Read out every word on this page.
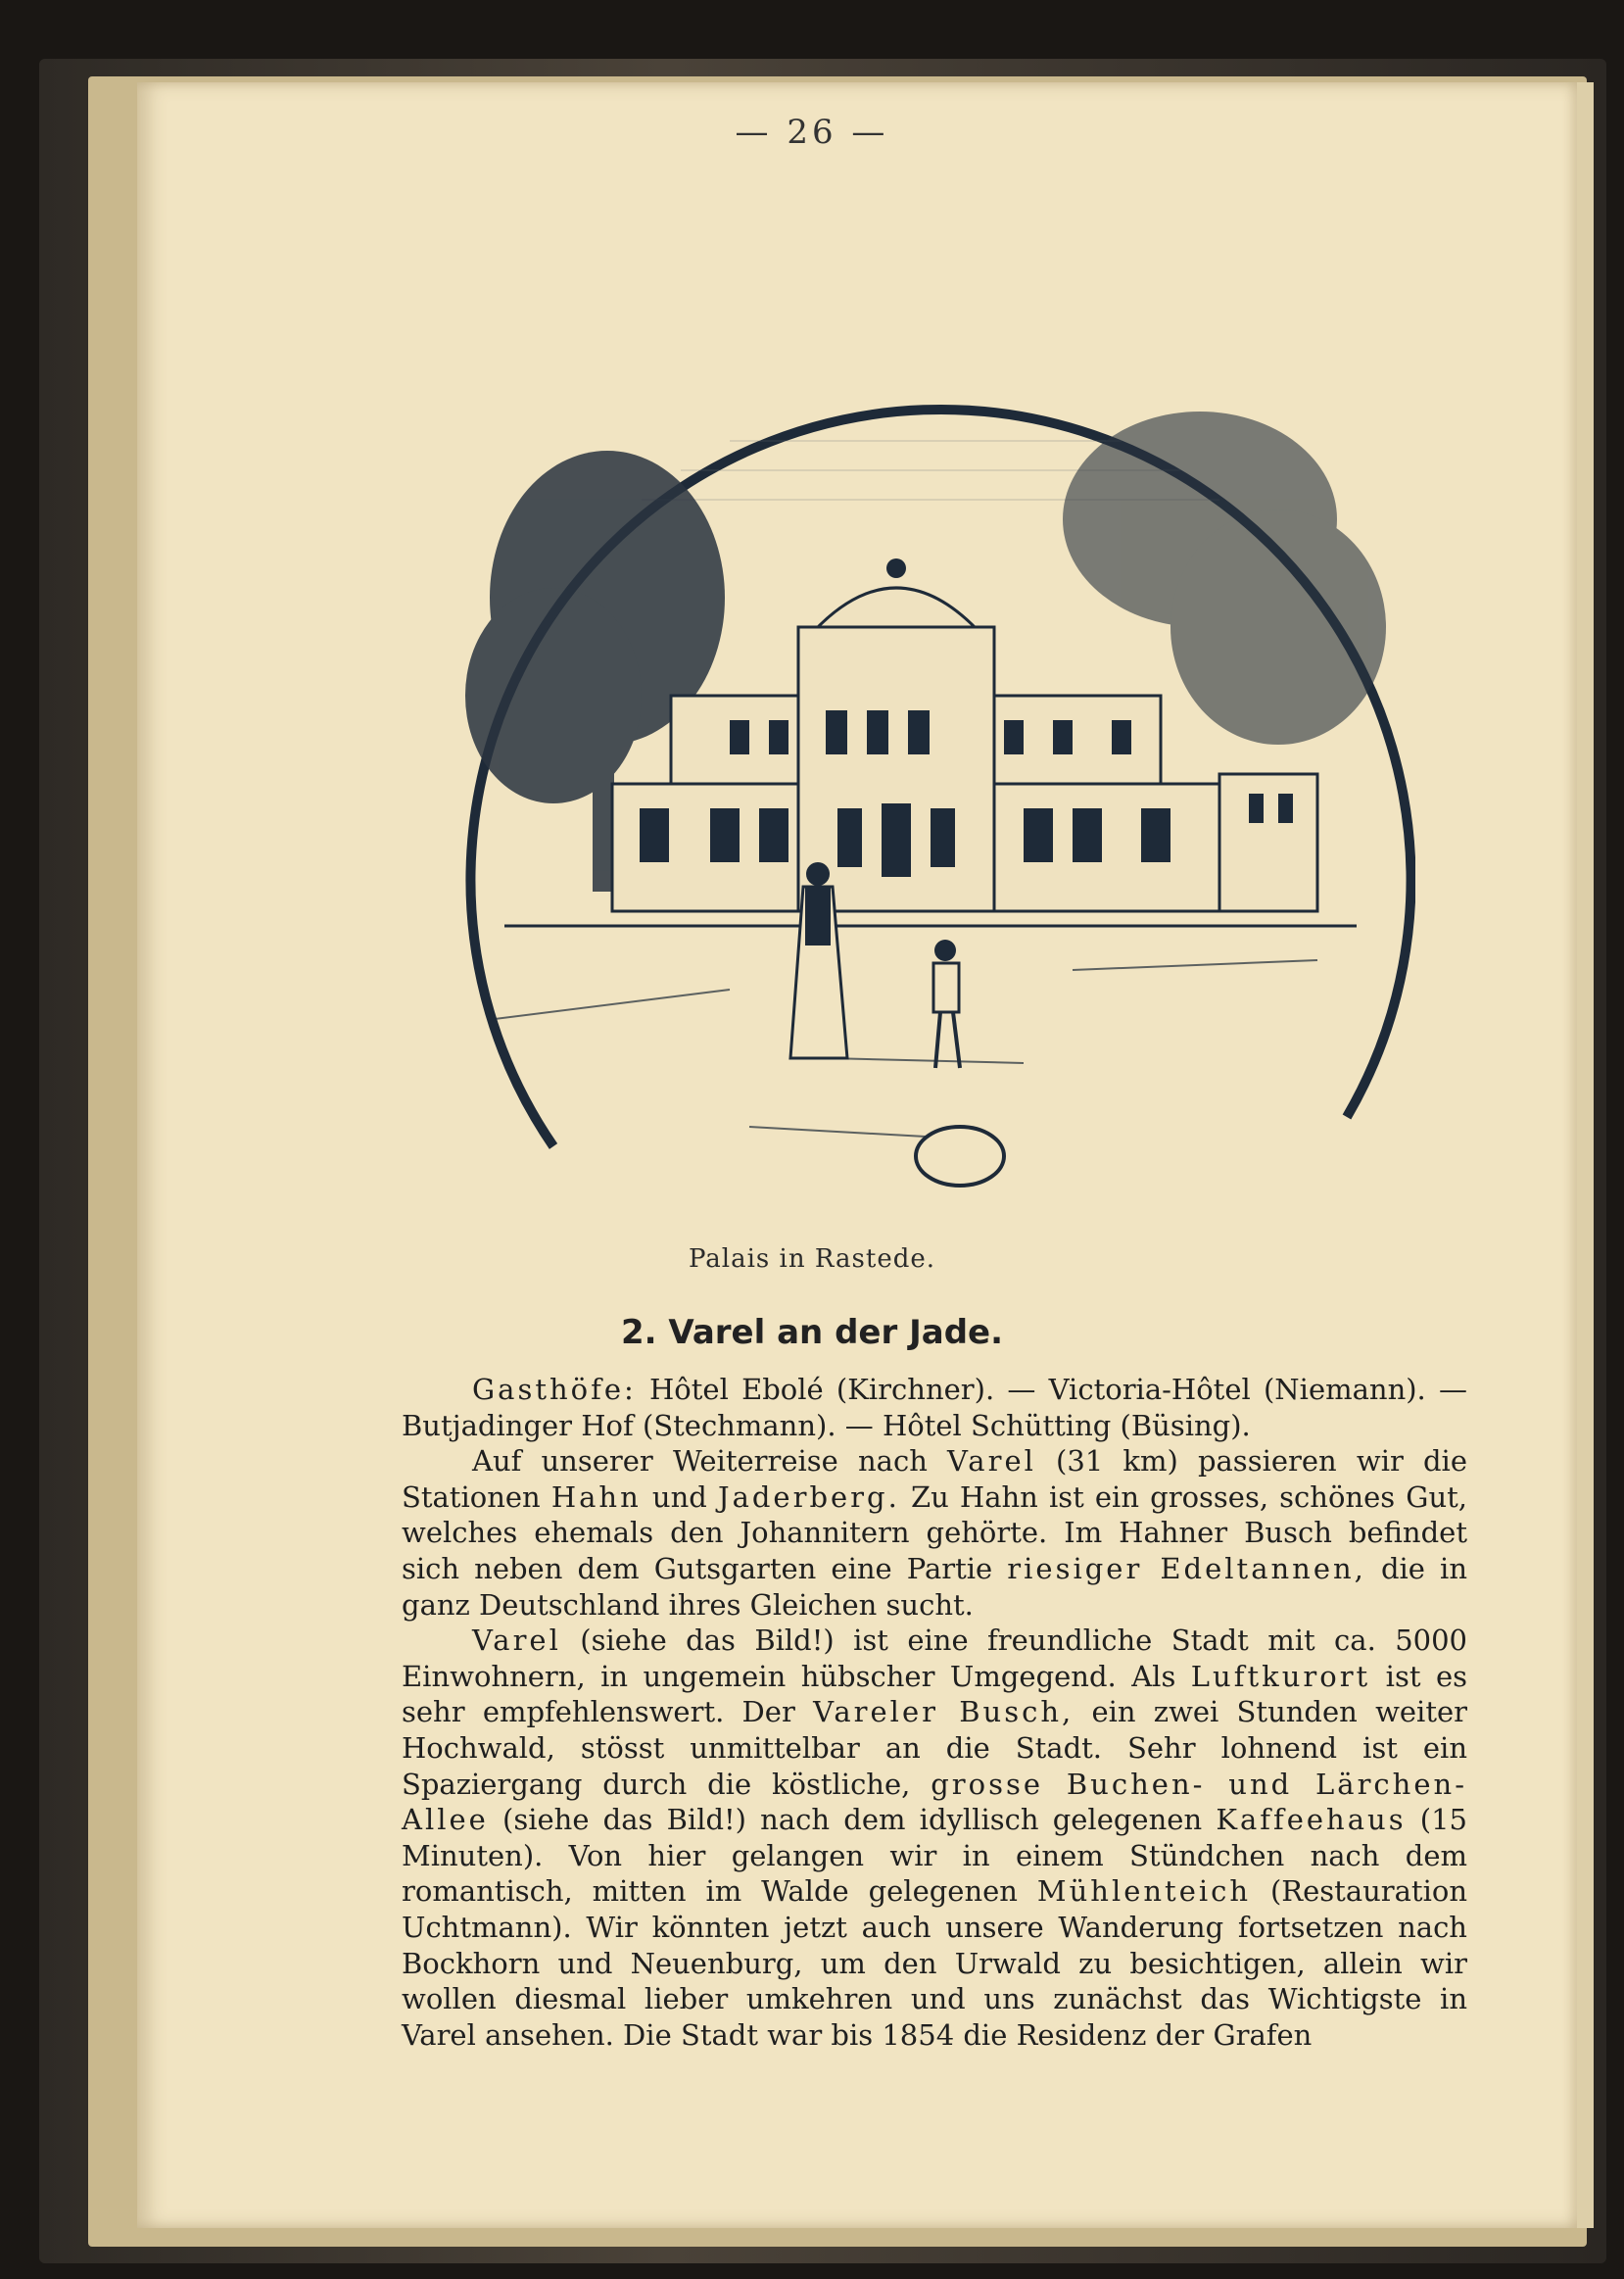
— 26 —
Palais in Rastede.
2. Varel an der Jade.

Gasthöfe: Hôtel Ebolé (Kirchner). — Victoria-Hôtel (Niemann). — Butjadinger Hof (Stechmann). — Hôtel Schütting (Büsing).

Auf unserer Weiterreise nach Varel (31 km) passieren wir die Stationen Hahn und Jaderberg. Zu Hahn ist ein grosses, schönes Gut, welches ehemals den Johannitern gehörte. Im Hahner Busch befindet sich neben dem Gutsgarten eine Partie riesiger Edeltannen, die in ganz Deutschland ihres Gleichen sucht.

Varel (siehe das Bild!) ist eine freundliche Stadt mit ca. 5000 Einwohnern, in ungemein hübscher Umgegend. Als Luftkurort ist es sehr empfehlenswert. Der Vareler Busch, ein zwei Stunden weiter Hochwald, stösst unmittelbar an die Stadt. Sehr lohnend ist ein Spaziergang durch die köstliche, grosse Buchen- und Lärchen-Allee (siehe das Bild!) nach dem idyllisch gelegenen Kaffeehaus (15 Minuten). Von hier gelangen wir in einem Stündchen nach dem romantisch, mitten im Walde gelegenen Mühlenteich (Restauration Uchtmann). Wir könnten jetzt auch unsere Wanderung fortsetzen nach Bockhorn und Neuenburg, um den Urwald zu besichtigen, allein wir wollen diesmal lieber umkehren und uns zunächst das Wichtigste in Varel ansehen. Die Stadt war bis 1854 die Residenz der Grafen
